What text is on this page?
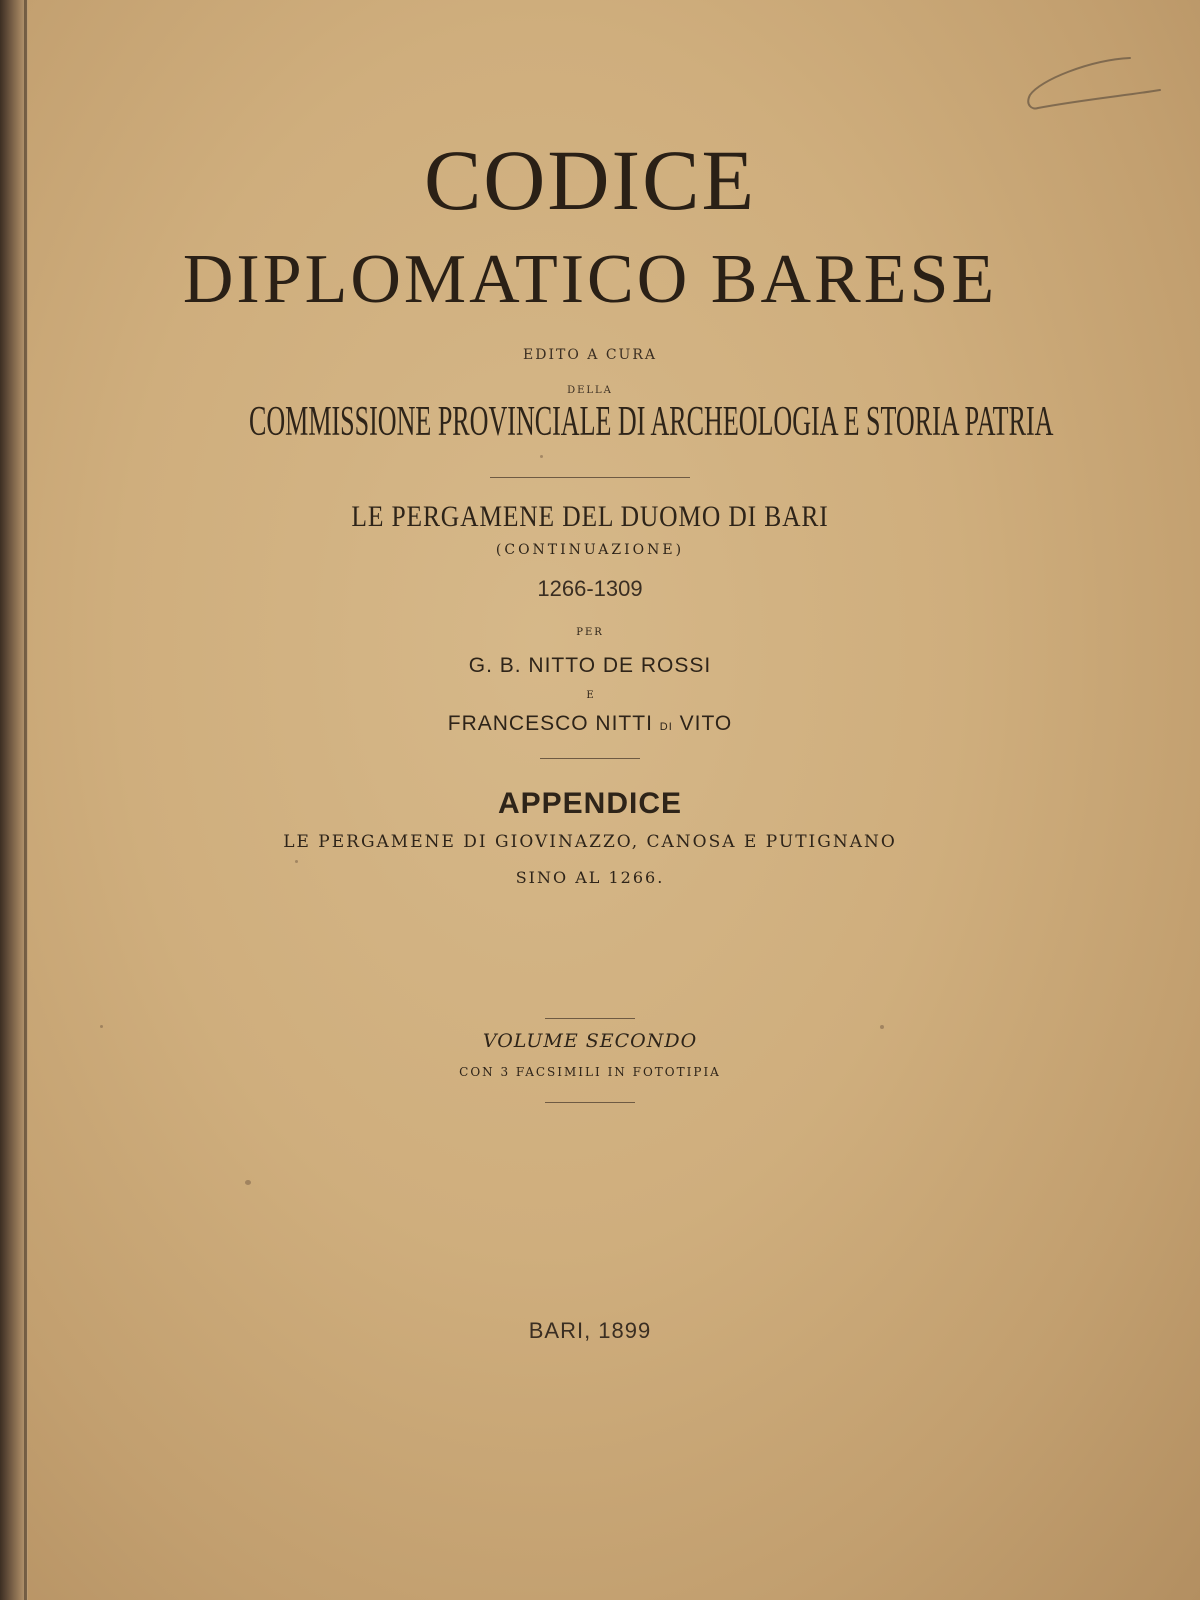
CODICE
DIPLOMATICO BARESE
EDITO A CURA
DELLA
COMMISSIONE PROVINCIALE DI ARCHEOLOGIA E STORIA PATRIA
LE PERGAMENE DEL DUOMO DI BARI
(CONTINUAZIONE)
1266-1309
PER
G. B. NITTO DE ROSSI
E
FRANCESCO NITTI DI VITO
APPENDICE
LE PERGAMENE DI GIOVINAZZO, CANOSA E PUTIGNANO
SINO AL 1266.
VOLUME SECONDO
CON 3 FACSIMILI IN FOTOTIPIA
BARI, 1899
